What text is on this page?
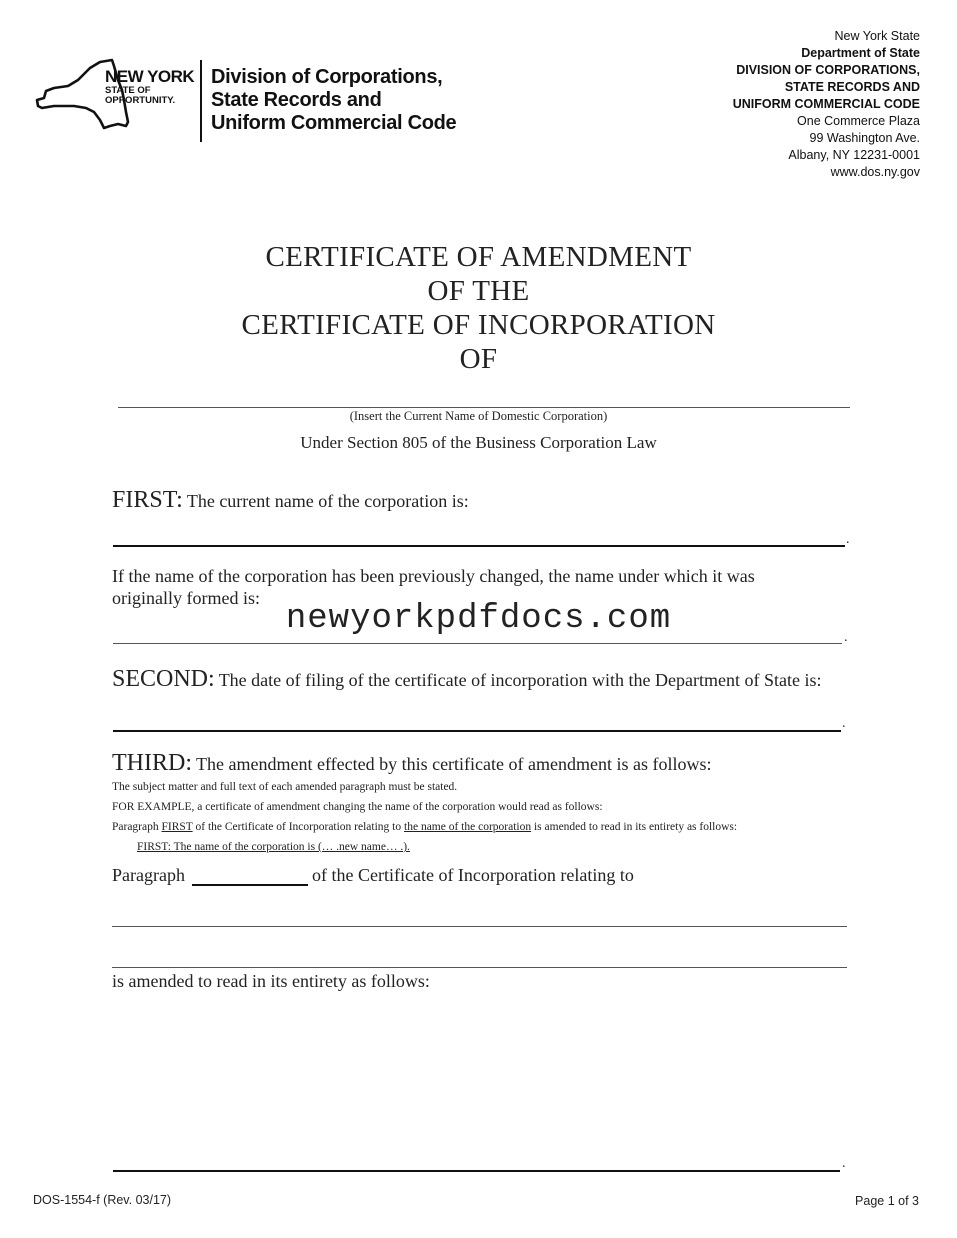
NEW YORK
STATE OF
OPPORTUNITY.
Division of Corporations,
State Records and
Uniform Commercial Code
New York State
Department of State
DIVISION OF CORPORATIONS,
STATE RECORDS AND
UNIFORM COMMERCIAL CODE
One Commerce Plaza
99 Washington Ave.
Albany, NY 12231-0001
www.dos.ny.gov
CERTIFICATE OF AMENDMENT
OF THE
CERTIFICATE OF INCORPORATION
OF
(Insert the Current Name of Domestic Corporation)
Under Section 805 of the Business Corporation Law
FIRST: The current name of the corporation is:
.
If the name of the corporation has been previously changed, the name under which it was
originally formed is:
newyorkpdfdocs.com	.
SECOND: The date of filing of the certificate of incorporation with the Department of State is:
.
THIRD: The amendment effected by this certificate of amendment is as follows:
The subject matter and full text of each amended paragraph must be stated.
FOR EXAMPLE, a certificate of amendment changing the name of the corporation would read as follows:
Paragraph FIRST of the Certificate of Incorporation relating to the name of the corporation is amended to read in its entirety as follows:
FIRST: The name of the corporation is (… .new name… .).
Paragraph	of the Certificate of Incorporation relating to
is amended to read in its entirety as follows:
.
DOS-1554-f (Rev. 03/17)	Page 1 of 3
